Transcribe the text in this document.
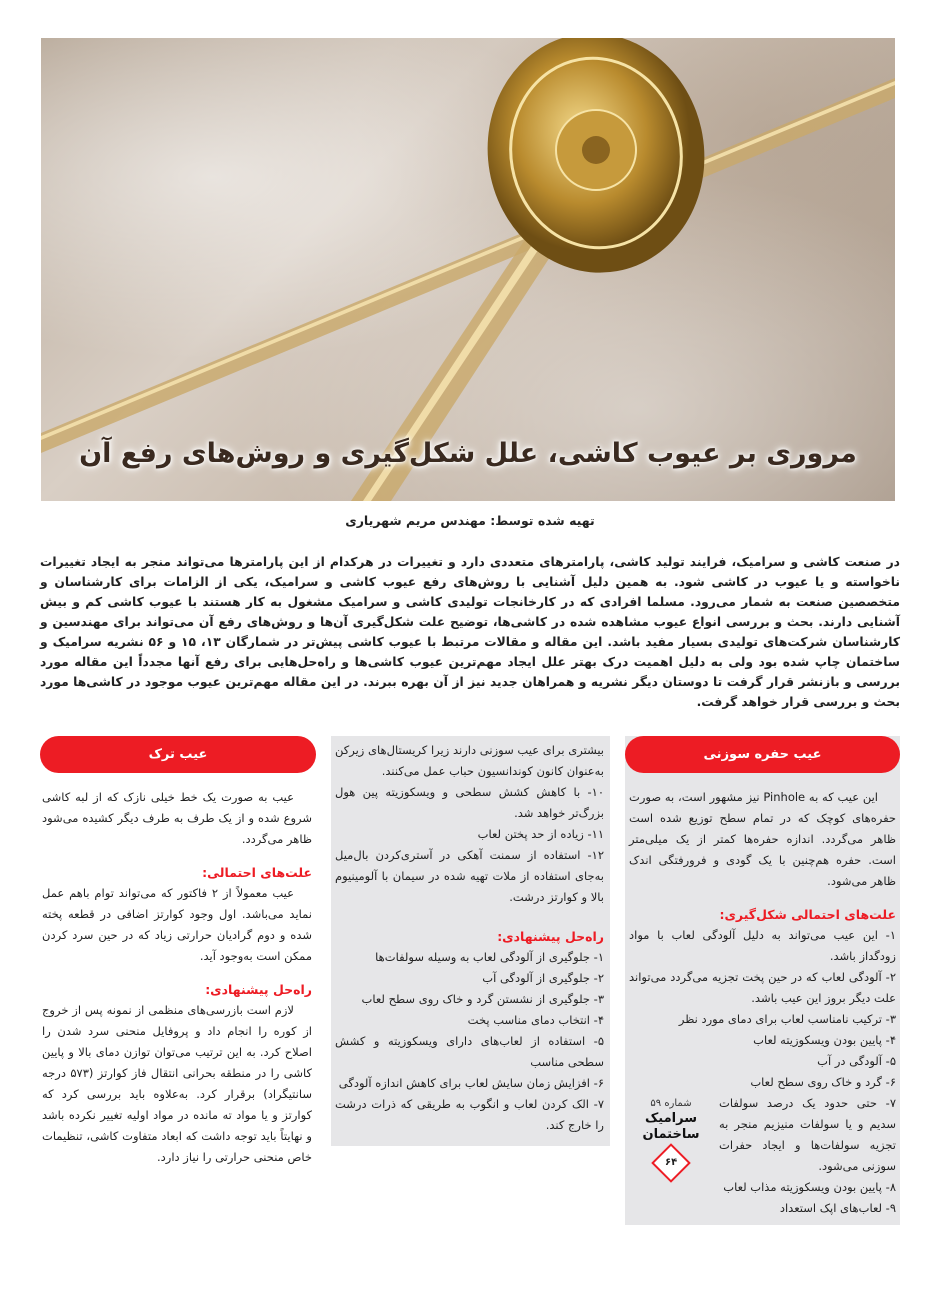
مروری بر عیوب کاشی، علل شکل‌گیری و روش‌های رفع آن
تهیه شده توسط: مهندس مریم شهریاری
در صنعت کاشی و سرامیک، فرایند تولید کاشی، پارامترهای متعددی دارد و تغییرات در هرکدام از این پارامترها می‌تواند منجر به ایجاد تغییرات ناخواسته و یا عیوب در کاشی شود. به همین دلیل آشنایی با روش‌های رفع عیوب کاشی و سرامیک، یکی از الزامات برای کارشناسان و متخصصین صنعت به شمار می‌رود. مسلما افرادی که در کارخانجات تولیدی کاشی و سرامیک مشغول به کار هستند با عیوب کاشی کم و بیش آشنایی دارند. بحث و بررسی انواع عیوب مشاهده شده در کاشی‌ها، توضیح علت شکل‌گیری آن‌ها و روش‌های رفع آن می‌تواند برای مهندسین و کارشناسان شرکت‌های تولیدی بسیار مفید باشد. این مقاله و مقالات مرتبط با عیوب کاشی پیش‌تر در شمارگان ۱۳، ۱۵ و ۵۶ نشریه سرامیک و ساختمان چاپ شده بود ولی به دلیل اهمیت درک بهتر علل ایجاد مهم‌ترین عیوب کاشی‌ها و راه‌حل‌هایی برای رفع آنها مجدداً این مقاله مورد بررسی و بازنشر قرار گرفت تا دوستان دیگر نشریه و همراهان جدید نیز از آن بهره ببرند. در این مقاله مهم‌ترین عیوب موجود در کاشی‌ها مورد بحث و بررسی قرار خواهد گرفت.
عیب حفره سوزنی

این عیب که به Pinhole نیز مشهور است، به صورت حفره‌های کوچک که در تمام سطح توزیع شده است ظاهر می‌گردد. اندازه حفره‌ها کمتر از یک میلی‌متر است. حفره هم‌چنین با یک گودی و فرورفتگی اندک ظاهر می‌شود.

علت‌های احتمالی شکل‌گیری:

۱- این عیب می‌تواند به دلیل آلودگی لعاب با مواد زودگداز باشد.

۲- آلودگی لعاب که در حین پخت تجزیه می‌گردد می‌تواند علت دیگر بروز این عیب باشد.

۳- ترکیب نامناسب لعاب برای دمای مورد نظر

۴- پایین بودن ویسکوزیته لعاب

۵- آلودگی در آب

۶- گرد و خاک روی سطح لعاب

شماره ۵۹
سرامیک ساختمان
۶۴

۷- حتی حدود یک درصد سولفات سدیم و یا سولفات منیزیم منجر به تجزیه سولفات‌ها و ایجاد حفرات سوزنی می‌شود.

۸- پایین بودن ویسکوزیته مذاب لعاب

۹- لعاب‌های اپک استعداد

بیشتری برای عیب سوزنی دارند زیرا کریستال‌های زیرکن به‌عنوان کانون کوندانسیون حباب عمل می‌کنند.

۱۰- با کاهش کشش سطحی و ویسکوزیته پین هول بزرگ‌تر خواهد شد.

۱۱- زیاده از حد پختن لعاب

۱۲- استفاده از سمنت آهکی در آستری‌کردن بال‌میل به‌جای استفاده از ملات تهیه شده در سیمان با آلومینیوم بالا و کوارتز درشت.

راه‌حل پیشنهادی:

۱- جلوگیری از آلودگی لعاب به وسیله سولفات‌ها

۲- جلوگیری از آلودگی آب

۳- جلوگیری از نشستن گرد و خاک روی سطح لعاب

۴- انتخاب دمای مناسب پخت

۵- استفاده از لعاب‌های دارای ویسکوزیته و کشش سطحی مناسب

۶- افزایش زمان سایش لعاب برای کاهش اندازه آلودگی

۷- الک کردن لعاب و انگوب به طریقی که ذرات درشت را خارج کند.

عیب ترک

عیب به صورت یک خط خیلی نازک که از لبه کاشی شروع شده و از یک طرف به طرف دیگر کشیده می‌شود ظاهر می‌گردد.

علت‌های احتمالی:

عیب معمولاً از ۲ فاکتور که می‌تواند توام باهم عمل نماید می‌باشد. اول وجود کوارتز اضافی در قطعه پخته شده و دوم گرادیان حرارتی زیاد که در حین سرد کردن ممکن است به‌وجود آید.

راه‌حل پیشنهادی:

لازم است بازرسی‌های منظمی از نمونه پس از خروج از کوره را انجام داد و پروفایل منحنی سرد شدن را اصلاح کرد. به این ترتیب می‌توان توازن دمای بالا و پایین کاشی را در منطقه بحرانی انتقال فاز کوارتز (۵۷۳ درجه سانتیگراد) برقرار کرد. به‌علاوه باید بررسی کرد که کوارتز و یا مواد ته مانده در مواد اولیه تغییر نکرده باشد و نهایتاً باید توجه داشت که ابعاد متفاوت کاشی، تنظیمات خاص منحنی حرارتی را نیاز دارد.
